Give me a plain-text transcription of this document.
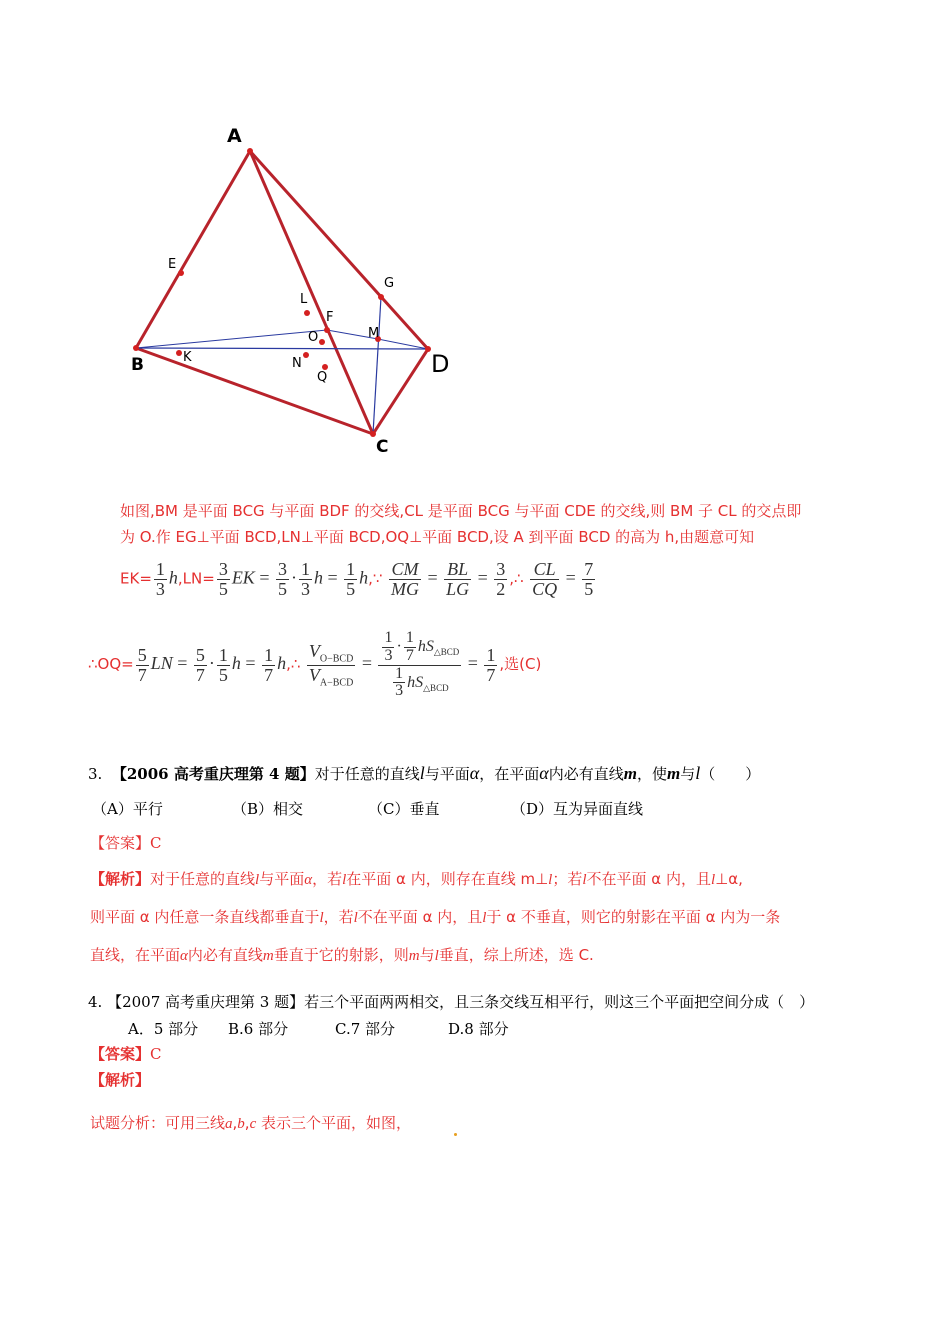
A
B
C
D
E
G
L
F
O	M
K	N
Q
如图,BM 是平面 BCG 与平面 BDF 的交线,CL 是平面 BCG 与平面 CDE 的交线,则 BM 子 CL 的交点即
为 O.作 EG⊥平面 BCD,LN⊥平面 BCD,OQ⊥平面 BCD,设 A 到平面 BCD 的高为 h,由题意可知
$EK= \frac{1}{3} h,LN= \frac{3}{5}$ EK = $\frac{3}{5} \cdot \frac{1}{3}$ $h = \frac{1}{5}$ h,∵ $\frac{CM}{MG} = \frac{BL}{LG} = \frac{3}{2}$ ,∴ $\frac{CL}{CQ} = \frac{7}{5}$
∴OQ= $\frac{5}{7}$ LN = $\frac{5}{7} \cdot \frac{1}{5}$ $h = \frac{1}{7}$ h,∴ $\frac{V_{O-BCD}}{V_{A-BCD}} = \frac{\frac{1}{3} \cdot \frac{1}{7} hS_{\triangle BCD}}{\frac{1}{3} hS_{\triangle BCD}} = \frac{1}{7}$ ,选(C)
3. 【2006 高考重庆理第 4 题】对于任意的直线l与平面α，在平面α内必有直线m，使m与l（　　）
（A）平行	（B）相交	（C）垂直	（D）互为异面直线
【答案】C
【解析】对于任意的直线l与平面α，若l在平面 α 内，则存在直线 m⊥l；若l不在平面 α 内，且l⊥α,
则平面 α 内任意一条直线都垂直于l，若l不在平面 α 内，且l于 α 不垂直，则它的射影在平面 α 内为一条
直线，在平面α内必有直线m垂直于它的射影，则m与l垂直，综上所述，选 C.
4. 【2007 高考重庆理第 3 题】若三个平面两两相交，且三条交线互相平行，则这三个平面把空间分成（　）
A．5 部分 B.6 部分	C.7 部分	D.8 部分
【答案】C
【解析】
试题分析：可用三线a,b,c 表示三个平面，如图，
